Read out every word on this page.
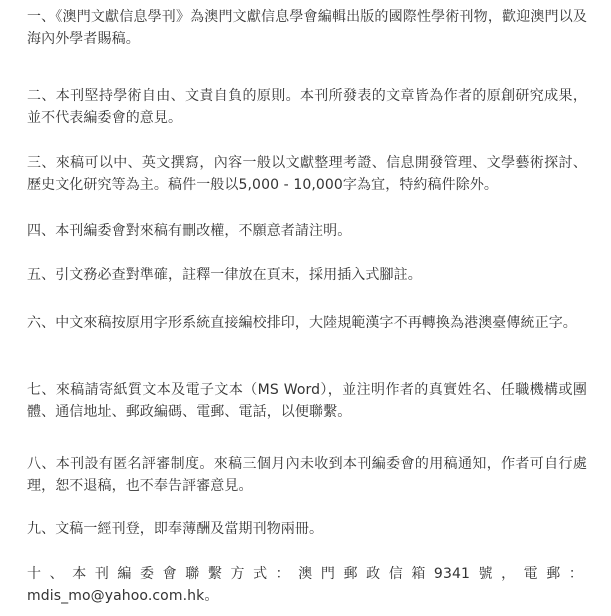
一、《澳門文獻信息學刊》為澳門文獻信息學會編輯出版的國際性學術刊物，歡迎澳門以及海內外學者賜稿。

二、本刊堅持學術自由、文責自負的原則。本刊所發表的文章皆為作者的原創研究成果，並不代表編委會的意見。

三、來稿可以中、英文撰寫，內容一般以文獻整理考證、信息開發管理、文學藝術探討、歷史文化研究等為主。稿件一般以5,000 - 10,000字為宜，特約稿件除外。

四、本刊編委會對來稿有刪改權，不願意者請注明。

五、引文務必查對準確，註釋一律放在頁末，採用插入式腳註。

六、中文來稿按原用字形系統直接編校排印，大陸規範漢字不再轉換為港澳臺傳統正字。

七、來稿請寄紙質文本及電子文本（MS Word），並注明作者的真實姓名、任職機構或團體、通信地址、郵政編碼、電郵、電話，以便聯繫。

八、本刊設有匿名評審制度。來稿三個月內未收到本刊編委會的用稿通知，作者可自行處理，恕不退稿，也不奉告評審意見。

九、文稿一經刊登，即奉薄酬及當期刊物兩冊。

十、本刊編委會聯繫方式：澳門郵政信箱9341號，電郵：
mdis_mo@yahoo.com.hk。
